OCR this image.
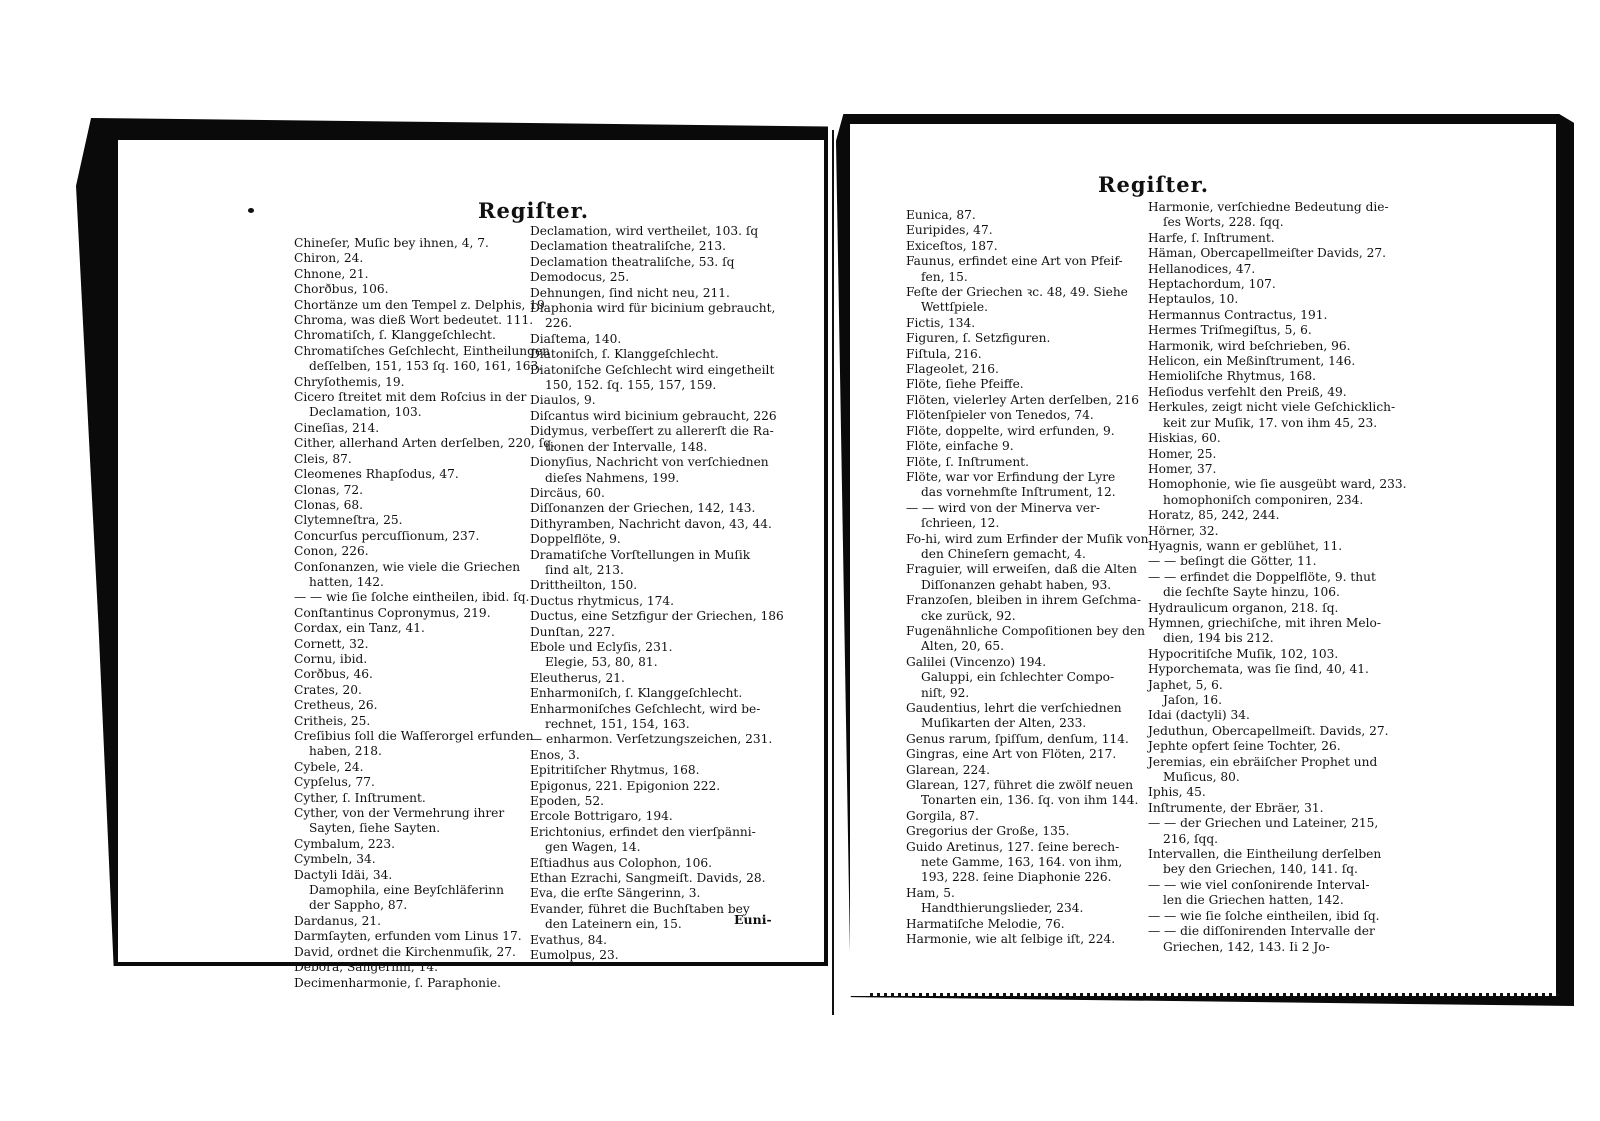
Regiſter.
Chineſer, Muſic bey ihnen, 4, 7.
Chiron, 24.
Chnone, 21.
Chorðbus, 106.
Chortänze um den Tempel z. Delphis, 19
Chroma, was dieß Wort bedeutet. 111.
Chromatiſch, ſ. Klanggeſchlecht.
Chromatiſches Geſchlecht, Eintheilungen
deſſelben, 151, 153 ſq. 160, 161, 163.
Chryſothemis, 19.
Cicero ſtreitet mit dem Roſcius in der
Declamation, 103.
Cineſias, 214.
Cither, allerhand Arten derſelben, 220, ſq.
Cleis, 87.
Cleomenes Rhapſodus, 47.
Clonas, 72.
Clonas, 68.
Clytemneſtra, 25.
Concurſus percuſſionum, 237.
Conon, 226.
Conſonanzen, wie viele die Griechen
hatten, 142.
— — wie ſie ſolche eintheilen, ibid. ſq.
Conſtantinus Copronymus, 219.
Cordax, ein Tanz, 41.
Cornett, 32.
Cornu, ibid.
Corðbus, 46.
Crates, 20.
Cretheus, 26.
Critheis, 25.
Creſibius ſoll die Waſſerorgel erfunden
haben, 218.
Cybele, 24.
Cypſelus, 77.
Cyther, ſ. Inſtrument.
Cyther, von der Vermehrung ihrer
Sayten, ſiehe Sayten.
Cymbalum, 223.
Cymbeln, 34.
Dactyli Idäi, 34.
Damophila, eine Beyſchläferinn
der Sappho, 87.
Dardanus, 21.
Darmſayten, erfunden vom Linus 17.
David, ordnet die Kirchenmuſik, 27.
Debora, Sängerinn, 14.
Decimenharmonie, ſ. Paraphonie.
Declamation, wird vertheilet, 103. ſq
Declamation theatraliſche, 213.
Declamation theatraliſche, 53. ſq
Demodocus, 25.
Dehnungen, ſind nicht neu, 211.
Diaphonia wird für bicinium gebraucht,
226.
Diaſtema, 140.
Diatoniſch, ſ. Klanggeſchlecht.
Diatoniſche Geſchlecht wird eingetheilt
150, 152. ſq. 155, 157, 159.
Diaulos, 9.
Diſcantus wird bicinium gebraucht, 226
Didymus, verbeſſert zu allererſt die Ra-
tionen der Intervalle, 148.
Dionyſius, Nachricht von verſchiednen
dieſes Nahmens, 199.
Dircäus, 60.
Diſſonanzen der Griechen, 142, 143.
Dithyramben, Nachricht davon, 43, 44.
Doppelflöte, 9.
Dramatiſche Vorſtellungen in Muſik
ſind alt, 213.
Drittheilton, 150.
Ductus rhytmicus, 174.
Ductus, eine Setzfigur der Griechen, 186
Dunſtan, 227.
Ebole und Eclyſis, 231.
Elegie, 53, 80, 81.
Eleutherus, 21.
Enharmoniſch, ſ. Klanggeſchlecht.
Enharmoniſches Geſchlecht, wird be-
rechnet, 151, 154, 163.
— enharmon. Verſetzungszeichen, 231.
Enos, 3.
Epitritiſcher Rhytmus, 168.
Epigonus, 221. Epigonion 222.
Epoden, 52.
Ercole Bottrigaro, 194.
Erichtonius, erfindet den vierſpänni-
gen Wagen, 14.
Eſtiadhus aus Colophon, 106.
Ethan Ezrachi, Sangmeiſt. Davids, 28.
Eva, die erſte Sängerinn, 3.
Evander, führet die Buchſtaben bey
den Lateinern ein, 15.
Evathus, 84.
Eumolpus, 23.
Euni-
Regiſter.
Eunica, 87.
Euripides, 47.
Exiceſtos, 187.
Faunus, erfindet eine Art von Pfeif-
fen, 15.
Feſte der Griechen ꝛc. 48, 49. Siehe
Wettſpiele.
Fictis, 134.
Figuren, ſ. Setzfiguren.
Fiſtula, 216.
Flageolet, 216.
Flöte, ſiehe Pfeiffe.
Flöten, vielerley Arten derſelben, 216
Flötenſpieler von Tenedos, 74.
Flöte, doppelte, wird erfunden, 9.
Flöte, einfache 9.
Flöte, ſ. Inſtrument.
Flöte, war vor Erfindung der Lyre
das vornehmſte Inſtrument, 12.
— — wird von der Minerva ver-
ſchrieen, 12.
Fo-hi, wird zum Erfinder der Muſik von
den Chineſern gemacht, 4.
Fraguier, will erweiſen, daß die Alten
Diſſonanzen gehabt haben, 93.
Franzoſen, bleiben in ihrem Geſchma-
cke zurück, 92.
Fugenähnliche Compoſitionen bey den
Alten, 20, 65.
Galilei (Vincenzo) 194.
Galuppi, ein ſchlechter Compo-
niſt, 92.
Gaudentius, lehrt die verſchiednen
Muſikarten der Alten, 233.
Genus rarum, ſpiſſum, denſum, 114.
Gingras, eine Art von Flöten, 217.
Glarean, 224.
Glarean, 127, führet die zwölf neuen
Tonarten ein, 136. ſq. von ihm 144.
Gorgila, 87.
Gregorius der Große, 135.
Guido Aretinus, 127. ſeine berech-
nete Gamme, 163, 164. von ihm,
193, 228. ſeine Diaphonie 226.
Ham, 5.
Handthierungslieder, 234.
Harmatiſche Melodie, 76.
Harmonie, wie alt ſelbige iſt, 224.
Harmonie, verſchiedne Bedeutung die-
ſes Worts, 228. ſqq.
Harfe, ſ. Inſtrument.
Häman, Obercapellmeiſter Davids, 27.
Hellanodices, 47.
Heptachordum, 107.
Heptaulos, 10.
Hermannus Contractus, 191.
Hermes Triſmegiſtus, 5, 6.
Harmonik, wird beſchrieben, 96.
Helicon, ein Meßinſtrument, 146.
Hemioliſche Rhytmus, 168.
Heſiodus verfehlt den Preiß, 49.
Herkules, zeigt nicht viele Geſchicklich-
keit zur Muſik, 17. von ihm 45, 23.
Hiskias, 60.
Homer, 25.
Homer, 37.
Homophonie, wie ſie ausgeübt ward, 233.
homophoniſch componiren, 234.
Horatz, 85, 242, 244.
Hörner, 32.
Hyagnis, wann er geblühet, 11.
— — beſingt die Götter, 11.
— — erfindet die Doppelflöte, 9. thut
die ſechſte Sayte hinzu, 106.
Hydraulicum organon, 218. ſq.
Hymnen, griechiſche, mit ihren Melo-
dien, 194 bis 212.
Hypocritiſche Muſik, 102, 103.
Hyporchemata, was ſie ſind, 40, 41.
Japhet, 5, 6.
Jaſon, 16.
Idai (dactyli) 34.
Jeduthun, Obercapellmeiſt. Davids, 27.
Jephte opfert ſeine Tochter, 26.
Jeremias, ein ebräiſcher Prophet und
Muſicus, 80.
Iphis, 45.
Inſtrumente, der Ebräer, 31.
— — der Griechen und Lateiner, 215,
216, ſqq.
Intervallen, die Eintheilung derſelben
bey den Griechen, 140, 141. ſq.
— — wie viel conſonirende Interval-
len die Griechen hatten, 142.
— — wie ſie ſolche eintheilen, ibid ſq.
— — die diſſonirenden Intervalle der
Griechen, 142, 143. Ii 2 Jo-
